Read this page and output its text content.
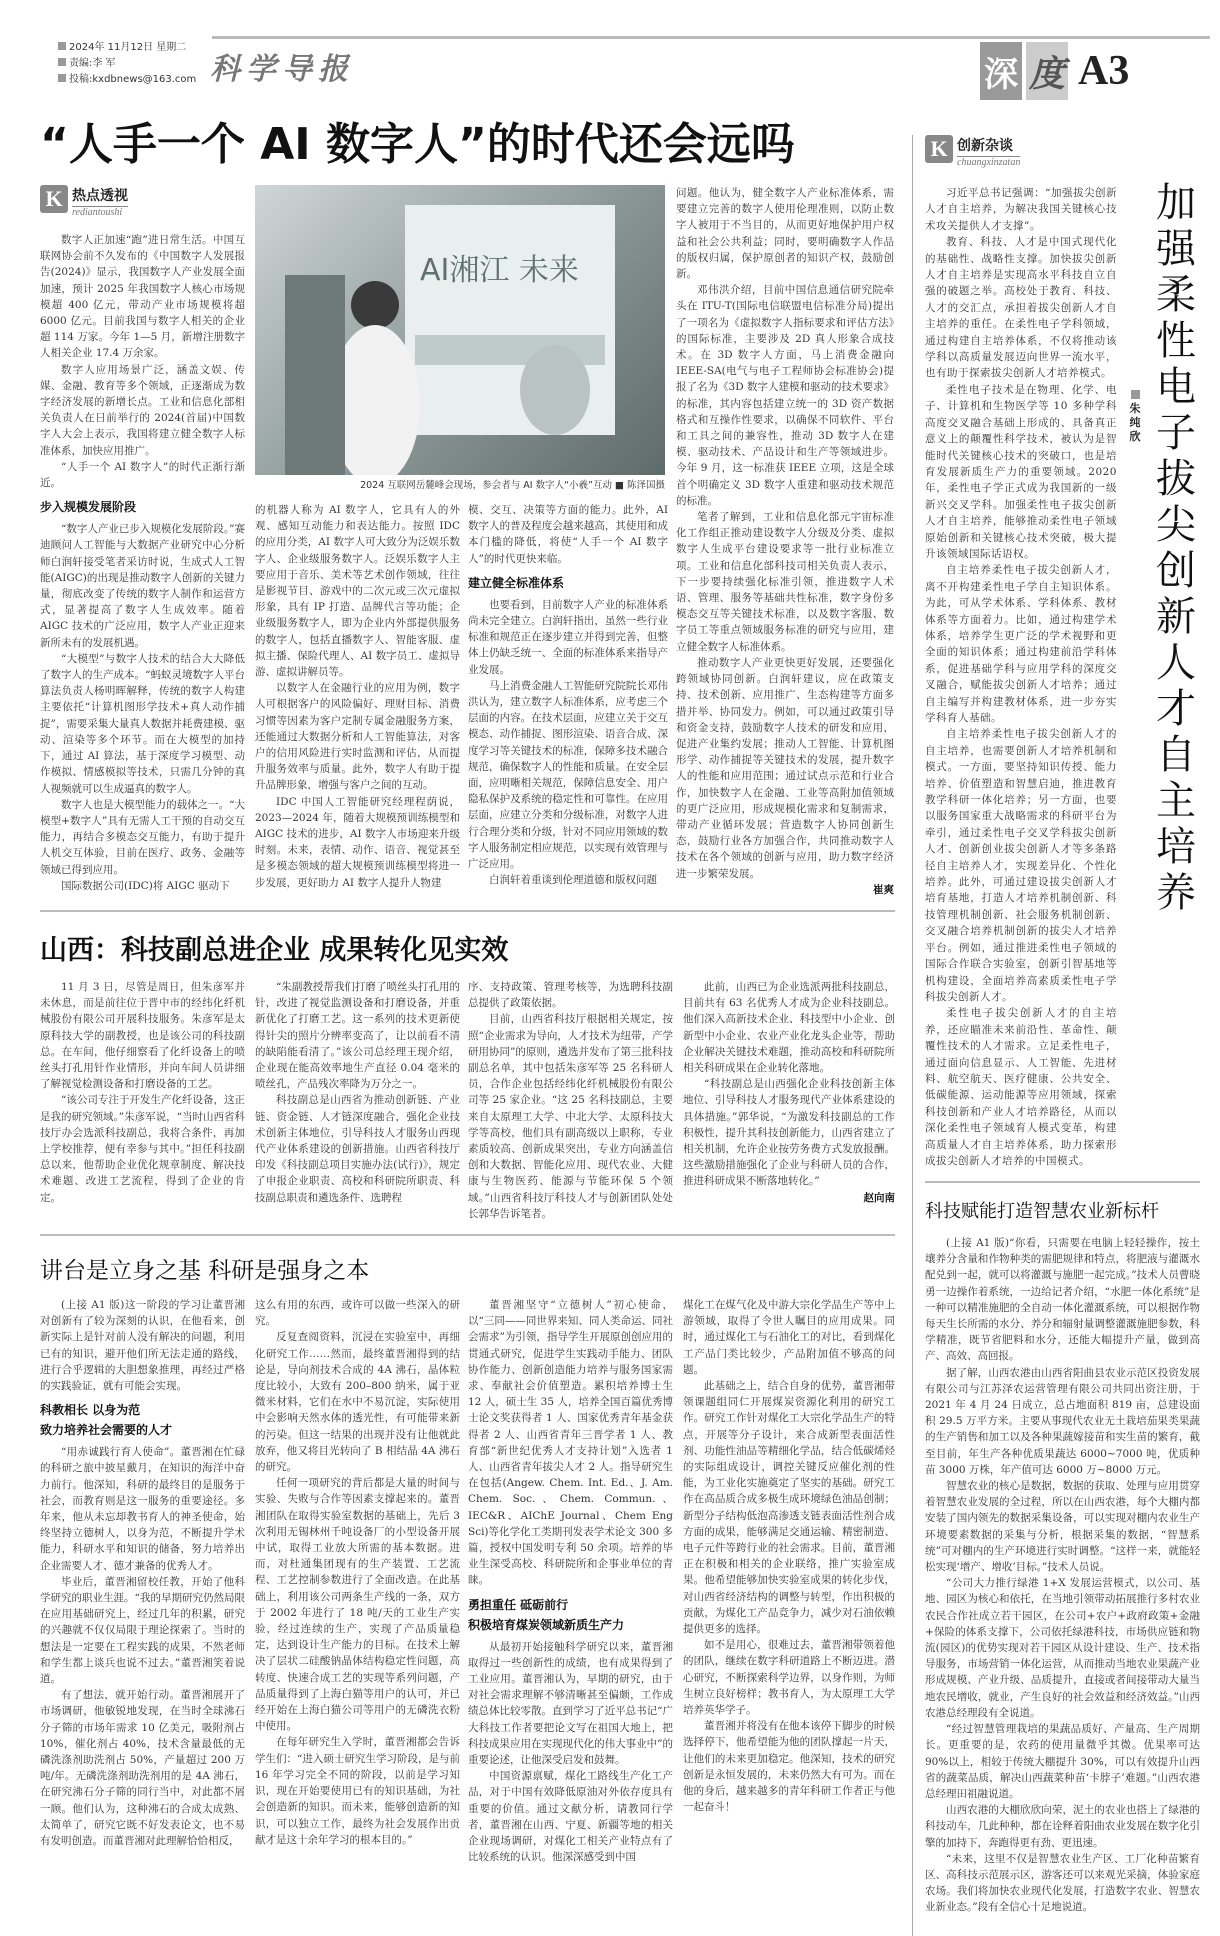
2024年 11月12日 星期二
责编:李 军
投稿:kxdbnews@163.com 科学导报	深 度 A3
“人手一个 AI 数字人”的时代还会远吗
K 热点透视
rediantoushi

数字人正加速“跑”进日常生活。中国互联网协会前不久发布的《中国数字人发展报告(2024)》显示，我国数字人产业发展全面加速，预计 2025 年我国数字人核心市场规模超 400 亿元，带动产业市场规模将超 6000 亿元。目前我国与数字人相关的企业超 114 万家。今年 1—5 月，新增注册数字人相关企业 17.4 万余家。

数字人应用场景广泛，涵盖文娱、传媒、金融、教育等多个领域，正逐渐成为数字经济发展的新增长点。工业和信息化部相关负责人在日前举行的 2024(首届)中国数字人大会上表示，我国将建立健全数字人标准体系，加快应用推广。

“人手一个 AI 数字人”的时代正渐行渐近。

步入规模发展阶段

“数字人产业已步入规模化发展阶段。”赛迪顾问人工智能与大数据产业研究中心分析师白润轩接受笔者采访时说，生成式人工智能(AIGC)的出现是推动数字人创新的关键力量，彻底改变了传统的数字人制作和运营方式，显著提高了数字人生成效率。随着 AIGC 技术的广泛应用，数字人产业正迎来新所未有的发展机遇。

“大模型”与数字人技术的结合大大降低了数字人的生产成本。“蚂蚁灵境数字人平台算法负责人杨明晖解释，传统的数字人构建主要依托“计算机图形学技术+真人动作捕捉”，需要采集大量真人数据并耗费建模、驱动、渲染等多个环节。而在大模型的加持下，通过 AI 算法，基于深度学习模型、动作模拟、情感模拟等技术，只需几分钟的真人视频就可以生成逼真的数字人。

数字人也是大模型能力的载体之一。“大模型+数字人”具有无需人工干预的自动交互能力，再结合多模态交互能力，有助于提升人机交互体验，目前在医疗、政务、金融等领域已得到应用。

国际数据公司(IDC)将 AIGC 驱动下

AI湘江 未来
2024 互联网岳麓峰会现场，参会者与 AI 数字人“小羲”互动 ■ 陈泽国摄

的机器人称为 AI 数字人，它具有人的外观、感知互动能力和表达能力。按照 IDC 的应用分类，AI 数字人可大致分为泛娱乐数字人、企业级服务数字人。泛娱乐数字人主要应用于音乐、美术等艺术创作领域，往往是影视节目、游戏中的二次元或三次元虚拟形象，具有 IP 打造、品牌代言等功能；企业级服务数字人，即为企业内外部提供服务的数字人，包括直播数字人、智能客服、虚拟主播、保险代理人、AI 数字员工、虚拟导游、虚拟讲解员等。

以数字人在金融行业的应用为例，数字人可根据客户的风险偏好、理财目标、消费习惯等因素为客户定制专属金融服务方案，还能通过大数据分析和人工智能算法，对客户的信用风险进行实时监测和评估，从而提升服务效率与质量。此外，数字人有助于提升品牌形象，增强与客户之间的互动。

IDC 中国人工智能研究经理程荫说，2023—2024 年，随着大规模预训练模型和 AIGC 技术的进步，AI 数字人市场迎来升级时刻。未来，表情、动作、语音、视觉甚至是多模态领域的超大规模预训练模型将进一步发展，更好助力 AI 数字人提升人物建

模、交互、决策等方面的能力。此外，AI 数字人的普及程度会越来越高，其使用和成本门槛的降低，将使“人手一个 AI 数字人”的时代更快来临。

建立健全标准体系

也要看到，目前数字人产业的标准体系尚未完全建立。白润轩指出，虽然一些行业标准和规范正在逐步建立并得到完善，但整体上仍缺乏统一、全面的标准体系来指导产业发展。

马上消费金融人工智能研究院院长邓伟洪认为，建立数字人标准体系，应考虑三个层面的内容。在技术层面，应建立关于交互模态、动作捕捉、图形渲染、语音合成、深度学习等关键技术的标准，保障多技术融合规范，确保数字人的性能和质量。在安全层面，应明晰相关规范，保障信息安全、用户隐私保护及系统的稳定性和可靠性。在应用层面，应建立分类和分级标准，对数字人进行合理分类和分级，针对不同应用领域的数字人服务制定相应规范，以实现有效管理与广泛应用。

白润轩着重谈到伦理道德和版权问题

问题。他认为，健全数字人产业标准体系，需要建立完善的数字人使用伦理准则，以防止数字人被用于不当目的，从而更好地保护用户权益和社会公共利益；同时，要明确数字人作品的版权归属，保护原创者的知识产权，鼓励创新。

邓伟洪介绍，目前中国信息通信研究院牵头在 ITU-T(国际电信联盟电信标准分局)提出了一项名为《虚拟数字人指标要求和评估方法》的国际标准，主要涉及 2D 真人形象合成技术。在 3D 数字人方面，马上消费金融向 IEEE-SA(电气与电子工程师协会标准协会)提报了名为《3D 数字人建模和驱动的技术要求》的标准，其内容包括建立统一的 3D 资产数据格式和互操作性要求，以确保不同软件、平台和工具之间的兼容性，推动 3D 数字人在建模、驱动技术、产品设计和生产等领域进步。今年 9 月，这一标准获 IEEE 立项，这是全球首个明确定义 3D 数字人重建和驱动技术规范的标准。

笔者了解到，工业和信息化部元宇宙标准化工作组正推动建设数字人分级及分类、虚拟数字人生成平台建设要求等一批行业标准立项。工业和信息化部科技司相关负责人表示，下一步要持续强化标准引领，推进数字人术语、管理、服务等基础共性标准，数字身份多模态交互等关键技术标准，以及数字客服、数字员工等重点领域服务标准的研究与应用，建立健全数字人标准体系。

推动数字人产业更快更好发展，还要强化跨领域协同创新。白润轩建议，应在政策支持、技术创新、应用推广、生态构建等方面多措并举、协同发力。例如，可以通过政策引导和资金支持，鼓励数字人技术的研发和应用，促进产业集约发展；推动人工智能、计算机图形学、动作捕捉等关键技术的发展，提升数字人的性能和应用范围；通过试点示范和行业合作，加快数字人在金融、工业等高附加值领域的更广泛应用，形成规模化需求和复制需求，带动产业循环发展；营造数字人协同创新生态，鼓励行业各方加强合作，共同推动数字人技术在各个领域的创新与应用，助力数字经济进一步繁荣发展。

崔爽

山西：科技副总进企业 成果转化见实效

11 月 3 日，尽管是周日，但朱彦军并未休息，而是前往位于晋中市的经纬化纤机械股份有限公司开展科技服务。朱彦军是太原科技大学的副教授，也是该公司的科技副总。在车间，他仔细察看了化纤设备上的喷丝头打孔用针作业情形，并向车间人员讲细了解视觉检测设备和打磨设备的工艺。

“该公司专注于开发生产化纤设备，这正是我的研究领域。”朱彦军说，“当时山西省科技厅办会选派科技副总，我将合条件，再加上学校推荐，便有幸参与其中。”担任科技副总以来，他帮助企业优化规章制度、解决技术难题、改进工艺流程，得到了企业的肯定。

“朱副教授帮我们打磨了喷丝头打孔用的针，改进了视觉监测设备和打磨设备，并重新优化了打磨工艺。这一系列的技术更新使得针尖的照片分辨率变高了，让以前看不清的缺陷能看清了。”该公司总经理王现介绍，企业现在能高效率地生产直径 0.04 毫米的喷丝孔，产品残次率降为万分之一。

科技副总是山西省为推动创新链、产业链、资金链、人才链深度融合，强化企业技术创新主体地位，引导科技人才服务山西现代产业体系建设的创新措施。山西省科技厅印发《科技副总项目实施办法(试行)》，规定了申报企业职责、高校和科研院所职责、科技副总职责和遴选条件、选聘程

序、支持政策、管理考核等，为选聘科技副总提供了政策依据。

目前，山西省科技厅根据相关规定，按照“企业需求为导向，人才技术为纽带，产学研用协同”的原则，遴选并发布了第三批科技副总名单，其中包括朱彦军等 25 名科研人员，合作企业包括经纬化纤机械股份有限公司等 25 家企业。“这 25 名科技副总，主要来自太原理工大学、中北大学、太原科技大学等高校，他们具有副高级以上职称，专业素质较高、创新成果突出，专业方向涵盖信创和大数据、智能化应用、现代农业、大健康与生物医药、能源与节能环保 5 个领域。”山西省科技厅科技人才与创新团队处处长郭华告诉笔者。

此前，山西已为企业选派两批科技副总，目前共有 63 名优秀人才成为企业科技副总。他们深入高新技术企业、科技型中小企业、创新型中小企业、农业产业化龙头企业等，帮助企业解决关键技术难题，推动高校和科研院所相关科研成果在企业转化落地。

“科技副总是山西强化企业科技创新主体地位、引导科技人才服务现代产业体系建设的具体措施。”郭华说，“为激发科技副总的工作积极性，提升其科技创新能力，山西省建立了相关机制，允许企业按劳务费方式发放报酬。这些激励措施强化了企业与科研人员的合作，推进科研成果不断落地转化。”

赵向南

讲台是立身之基 科研是强身之本

(上接 A1 版)这一阶段的学习让董晋湘对创新有了较为深刻的认识，在他看来，创新实际上是针对前人没有解决的问题，利用已有的知识，避开他们所无法走通的路线，进行合乎逻辑的大胆想象推理，再经过严格的实践验证，就有可能会实现。

科教相长 以身为范
致力培养社会需要的人才

“用赤诚践行育人使命”。董晋湘在忙碌的科研之旅中披星戴月，在知识的海洋中奋力前行。他深知，科研的最终目的是服务于社会，而教育则是这一服务的重要途径。多年来，他从未忘却教书育人的神圣使命，始终坚持立德树人，以身为范，不断提升学术能力，科研水平和知识的储备，努力培养出企业需要人才、德才兼备的优秀人才。

毕业后，董晋湘留校任教，开始了他科学研究的职业生涯。“我的早期研究仍然局限在应用基础研究上，经过几年的积累，研究的兴趣就不仅仅局限于理论探索了。当时的想法是一定要在工程实践的成果，不然老师和学生都上谈兵也说不过去。”董晋湘笑着说道。

有了想法，就开始行动。董晋湘展开了市场调研，他敏锐地发现，在当时全球沸石分子筛的市场年需求 10 亿美元，吸附剂占 10%，催化剂占 40%，技术含量最低的无磷洗涤剂助洗剂占 50%，产量超过 200 万吨/年。无磷洗涤剂助洗剂用的是 4A 沸石，在研究沸石分子筛的同行当中，对此都不屑一顾。他们认为，这种沸石的合成太成熟、太简单了，研究它既不好发表论文，也不易有发明创造。而董晋湘对此理解恰恰相反，

这么有用的东西，或许可以做一些深入的研究。

反复查阅资料，沉浸在实验室中，再细化研究工作……然而，最终董晋湘得到的结论是，导向剂技术合成的 4A 沸石，晶体粒度比较小，大致有 200–800 纳米，属于亚微米材料，它们在水中不易沉淀，实际使用中会影响天然水体的透光性，有可能带来新的污染。但这一结果的出现并没有让他就此放弃，他又将目光转向了 B 相结晶 4A 沸石的研究。

任何一项研究的背后都是大量的时间与实验、失败与合作等因素支撑起来的。董晋湘团队在取得实验室数据的基础上，先后 3 次利用无锡林州千吨设备厂的小型设备开展中试，取得工业放大所需的基本数据。进而，对杜通集团现有的生产装置、工艺流程、工艺控制参数进行了全面改造。在此基础上，利用该公司两条生产线的一条，双方于 2002 年进行了 18 吨/天的工业生产实验，经过连续的生产，实现了产品质量稳定，达到设计生产能力的目标。在技术上解决了层状二硅酸钠晶体结构稳定性问题，高转度、快速合成工艺的实现等系列问题，产品质量得到了上海白猫等用户的认可，并已经开始在上海白猫公司等用户的无磷洗衣粉中使用。

在每年研究生入学时，董晋湘都会告诉学生们：“进入硕士研究生学习阶段，是与前 16 年学习完全不同的阶段，以前是学习知识，现在开始要使用已有的知识基础，为社会创造新的知识。而未来，能够创造新的知识，可以独立工作，最终为社会发展作出贡献才是这十余年学习的根本目的。”

董晋湘坚守“立德树人”初心使命，以“三同——同世界来知、同人类命运、同社会需求”为引领，指导学生开展原创创应用的贯通式研究，促进学生实践动手能力、团队协作能力、创新创造能力培养与服务国家需求、奉献社会价值塑造。累积培养博士生 12 人，硕士生 35 人，培养全国百篇优秀博士论文奖获得者 1 人、国家优秀青年基金获得者 2 人、山西省青年三晋学者 1 人、教育部“新世纪优秀人才支持计划”入选者 1 人、山西省青年拔尖人才 2 人。指导研究生在包括(Angew. Chem. Int. Ed.、J. Am. Chem. Soc.、Chem. Commun.、IEC&R、AIChE Journal、Chem Eng Sci)等化学化工类期刊发表学术论文 300 多篇，授权中国发明专利 50 余项。培养的毕业生深受高校、科研院所和企事业单位的青睐。

勇担重任 砥砺前行
积极培育煤炭领域新质生产力

从最初开始接触科学研究以来，董晋湘取得过一些创新性的成绩，也有成果得到了工业应用。董晋湘认为，早期的研究，由于对社会需求理解不够清晰甚至偏颇，工作成绩总体比较零散。直到学习了近平总书记“广大科技工作者要把论文写在祖国大地上，把科技成果应用在实现现代化的伟大事业中”的重要论述，让他深受启发和鼓舞。

中国资源禀赋，煤化工路线生产化工产品，对于中国有效降低原油对外依存度具有重要的价值。通过文献分析，请教同行学者，董晋湘在山西、宁夏、新疆等地的相关企业现场调研，对煤化工相关产业特点有了比较系统的认识。他深深感受到中国

煤化工在煤气化及中游大宗化学品生产等中上游领域，取得了令世人瞩目的应用成果。同时，通过煤化工与石油化工的对比，看到煤化工产品门类比较少，产品附加值不够高的问题。

此基础之上，结合自身的优势，董晋湘带领课题组同仁开展煤炭资源化利用的研究工作。研究工作针对煤化工大宗化学品生产的特点，开展等分子设计，来合成新型表面活性剂、功能性油品等精细化学品，结合低碳烯烃的实际组成设计，调控关键反应催化剂的性能，为工业化实施奠定了坚实的基础。研究工作在高品质合成多极生成环境绿色油品创制；新型分子结构低泡高渗透支链表面活性剂合成方面的成果，能够满足交通运输、精密制造、电子元件等跨行业的社会需求。目前，董晋湘正在积极和相关的企业联络，推广实验室成果。他希望能够加快实验室成果的转化步伐，对山西省经济结构的调整与转型，作出积极的贡献，为煤化工产品竞争力，减少对石油依赖提供更多的选择。

如不是用心，很难过去，董晋湘带领着他的团队，继续在数字科研道路上不断迈进。潜心研究，不断探索科学边界，以身作则，为师生树立良好榜样；教书育人，为太原理工大学培养英华学子。

董晋湘并将没有在他本该停下脚步的时候选择停下，他希望能为他的团队撑起一片天，让他们的未来更加稳定。他深知，技术的研究创新是永恒发展的，未来仍然大有可为。而在他的身后，越来越多的青年科研工作者正与他一起奋斗！

K 创新杂谈
chuangxinzatan

习近平总书记强调：“加强拔尖创新人才自主培养，为解决我国关键核心技术攻关提供人才支撑”。

教育、科技、人才是中国式现代化的基础性、战略性支撑。加快拔尖创新人才自主培养是实现高水平科技自立自强的破题之举。高校处于教育、科技、人才的交汇点，承担着拔尖创新人才自主培养的重任。在柔性电子学科领域，通过构建自主培养体系，不仅将推动该学科以高质量发展迈向世界一流水平，也有助于探索拔尖创新人才培养模式。

柔性电子技术是在物理、化学、电子、计算机和生物医学等 10 多种学科高度交叉融合基础上形成的、具备真正意义上的颠覆性科学技术，被认为是智能时代关键核心技术的突破口，也是培育发展新质生产力的重要领域。2020 年，柔性电子学正式成为我国新的一级新兴交叉学科。加强柔性电子拔尖创新人才自主培养，能够推动柔性电子领域原始创新和关键核心技术突破，极大提升该领域国际话语权。

自主培养柔性电子拔尖创新人才，离不开构建柔性电子学自主知识体系。为此，可从学术体系、学科体系、教材体系等方面着力。比如，通过构建学术体系，培养学生更广泛的学术视野和更全面的知识体系；通过构建前沿学科体系，促进基础学科与应用学科的深度交叉融合，赋能拔尖创新人才培养；通过自主编写并构建教材体系，进一步夯实学科育人基础。

自主培养柔性电子拔尖创新人才的自主培养，也需要创新人才培养机制和模式。一方面，要坚持知识传授、能力培养、价值塑造和智慧启迪，推进教育教学科研一体化培养；另一方面，也要以服务国家重大战略需求的科研平台为牵引，通过柔性电子交叉学科拔尖创新人才、创新创业拔尖创新人才等多条路径自主培养人才，实现差异化、个性化培养。此外，可通过建设拔尖创新人才培育基地，打造人才培养机制创新、科技管理机制创新、社会服务机制创新、交叉融合培养机制创新的拔尖人才培养平台。例如，通过推进柔性电子领域的国际合作联合实验室，创新引智基地等机构建设，全面培养高素质柔性电子学科拔尖创新人才。

柔性电子拔尖创新人才的自主培养，还应瞄准未来前沿性、革命性、颠覆性技术的人才需求。立足柔性电子，通过面向信息显示、人工智能、先进材料、航空航天、医疗健康、公共安全、低碳能源、运动能源等应用领域，探索科技创新和产业人才培养路径，从而以深化柔性电子领域育人模式变革，构建高质量人才自主培养体系，助力探索形成拔尖创新人才培养的中国模式。

加强柔性电子拔尖创新人才自主培养
朱纯欣
科技赋能打造智慧农业新标杆

(上接 A1 版)“你看，只需要在电脑上轻轻操作，按土壤养分含量和作物种类的需肥规律和特点，将肥液与灌溉水配兑到一起，就可以将灌溉与施肥一起完成。”技术人员曹晓勇一边操作着系统，一边给记者介绍，“水肥一体化系统”是一种可以精准施肥的全自动一体化灌溉系统，可以根据作物每天生长所需的水分、养分和辐射量调整灌溉施肥参数，科学精准，既节省肥料和水分，还能大幅提升产量，做到高产、高效、高回报。

据了解，山西农港由山西省阳曲县农业示范区投资发展有限公司与江苏泽农运营管理有限公司共同出资注册，于 2021 年 4 月 24 日成立，总占地面积 819 亩，总建设面积 29.5 万平方米。主要从事现代农业无土栽培茄果类果蔬的生产销售和加工以及各种果蔬嫁接苗和实生苗的繁育，截至目前，年生产各种优质果蔬达 6000~7000 吨，优质种苗 3000 万株，年产值可达 6000 万~8000 万元。

智慧农业的核心是数据，数据的获取、处理与应用贯穿着智慧农业发展的全过程，所以在山西农港，每个大棚内都安装了国内领先的数据采集设备，可以实现对棚内农业生产环境要素数据的采集与分析，根据采集的数据，“智慧系统”可对棚内的生产环境进行实时调整。“这样一来，就能轻松实现‘增产、增收’目标。”技术人员说。

“公司大力推行绿港 1+X 发展运营模式，以公司、基地、园区为核心和依托，在当地引领带动拓展推行多村农业农民合作社成立若干园区，在公司+农户+政府政策+金融+保险的体系支撑下，公司依托绿港科技，市场供应链和物流(园区)的优势实现对若干园区从设计建设、生产、技术指导服务，市场营销一体化运营，从而推动当地农业果蔬产业形成规模、产业升级、品质提升，直接或者间接带动大量当地农民增收，就业，产生良好的社会效益和经济效益。”山西农港总经理段有全说道。

“经过智慧管理栽培的果蔬品质好、产量高、生产周期长。更重要的是，农药的使用量微乎其微。优果率可达 90%以上，相较于传统大棚提升 30%，可以有效提升山西省的蔬菜品质，解决山西蔬菜种苗‘卡脖子’难题。”山西农港总经理田祖融说道。

山西农港的大棚欣欣向荣，泥土的农业也搭上了绿港的科技动车，几此种种，都在诠释着阳曲农业发展在数字化引擎的加持下，奔跑得更有劲、更迅速。

“未来，这里不仅是智慧农业生产区、工厂化种苗繁育区、高科技示范展示区，游客还可以来观光采摘，体验家庭农场。我们将加快农业现代化发展，打造数字农业、智慧农业新业态。”段有全信心十足地说道。
